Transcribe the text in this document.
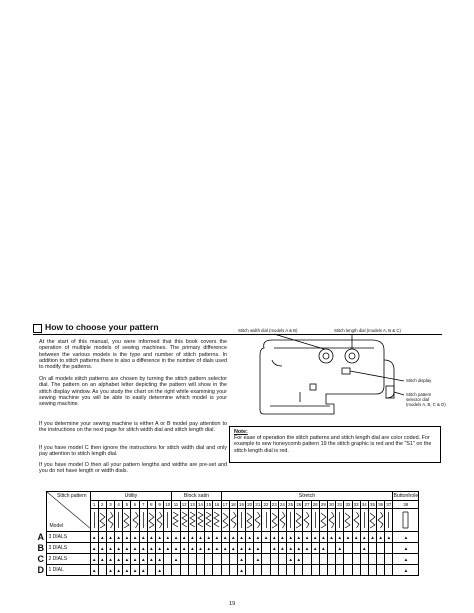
How to choose your pattern

At the start of this manual, you were informed that this book covers the operation of multiple models of sewing machines. The primary difference between the various models is the type and number of stitch patterns. In addition to stitch patterns there is also a difference in the number of dials used to modify the patterns.

On all models stitch patterns are chosen by turning the stitch pattern selector dial. The pattern on an alphabet letter depicting the pattern will show in the stitch display window. As you study the chart on the right while examining your sewing machine you will be able to easily determine which model is your sewing machine.

If you determine your sewing machine is either A or B model pay attention to the instructions on the next page for stitch width dial and stitch length dial.

If you have model C then ignore the instructions for stitch width dial and only pay attention to stitch length dial.

If you have model D then all your pattern lengths and widths are pre-set and you do not have length or width dials.

Stitch width dial (models A & B)	Stitch length dial (models A, B & C)
Stitch display
Stitch pattern
selector dial
(models A, B, C & D)
Note:
For ease of operation the stitch patterns and stitch length dial are color coded. For example to sew honeycomb pattern 19 the stitch graphic is red and the "S1" on the stitch length dial is red.

	Stitch pattern
Model	Utility										Block satin						Stretch																					Buttonhole
		1	2	3	4	5	6	7	8	9	10	11	12	13	14	15	16	17	18	19	20	21	22	23	24	25	26	27	28	29	30	31	32	33	34	35	36	37	38

A	3 DIALS	▲	▲	▲	▲	▲	▲	▲	▲	▲	▲	▲	▲	▲	▲	▲	▲	▲	▲	▲	▲	▲	▲	▲	▲	▲	▲	▲	▲	▲	▲	▲	▲	▲	▲	▲	▲	▲	▲
B	3 DIALS	▲	▲	▲	▲	▲	▲	▲	▲	▲	▲	▲	▲	▲	▲	▲	▲	▲	▲	▲	▲	▲		▲	▲	▲	▲	▲	▲	▲		▲			▲				▲
C	2 DIALS	▲	▲	▲	▲	▲	▲	▲	▲	▲		▲								▲		▲				▲	▲												▲
D	1 DIAL	▲		▲	▲	▲	▲	▲		▲										▲																			▲
19
